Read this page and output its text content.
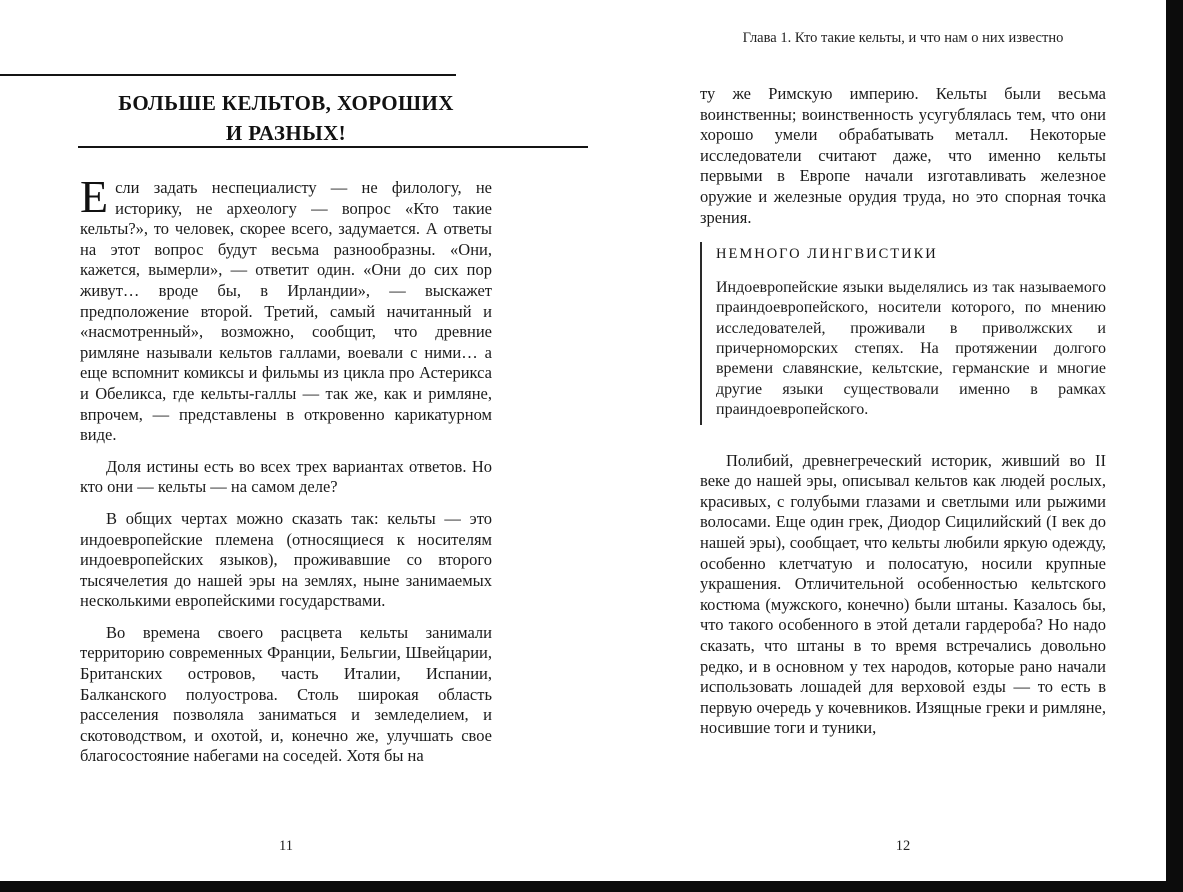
БОЛЬШЕ КЕЛЬТОВ, ХОРОШИХ
И РАЗНЫХ!

Если задать неспециалисту — не филологу, не историку, не археологу — вопрос «Кто такие кельты?», то человек, скорее всего, задумается. А ответы на этот вопрос будут весьма разнообразны. «Они, кажется, вымерли», — ответит один. «Они до сих пор живут… вроде бы, в Ирландии», — выскажет предположение второй. Третий, самый начитанный и «насмотренный», возможно, сообщит, что древние римляне называли кельтов галлами, воевали с ними… а еще вспомнит комиксы и фильмы из цикла про Астерикса и Обеликса, где кельты-галлы — так же, как и римляне, впрочем, — представлены в откровенно карикатурном виде.

Доля истины есть во всех трех вариантах ответов. Но кто они — кельты — на самом деле?

В общих чертах можно сказать так: кельты — это индоевропейские племена (относящиеся к носителям индоевропейских языков), проживавшие со второго тысячелетия до нашей эры на землях, ныне занимаемых несколькими европейскими государствами.

Во времена своего расцвета кельты занимали территорию современных Франции, Бельгии, Швейцарии, Британских островов, часть Италии, Испании, Балканского полуострова. Столь широкая область расселения позволяла заниматься и земледелием, и скотоводством, и охотой, и, конечно же, улучшать свое благосостояние набегами на соседей. Хотя бы на

11
Глава 1. Кто такие кельты, и что нам о них известно

ту же Римскую империю. Кельты были весьма воинственны; воинственность усугублялась тем, что они хорошо умели обрабатывать металл. Некоторые исследователи считают даже, что именно кельты первыми в Европе начали изготавливать железное оружие и железные орудия труда, но это спорная точка зрения.

НЕМНОГО ЛИНГВИСТИКИ
Индоевропейские языки выделялись из так называемого праиндоевропейского, носители которого, по мнению исследователей, проживали в приволжских и причерноморских степях. На протяжении долгого времени славянские, кельтские, германские и многие другие языки существовали именно в рамках праиндоевропейского.

Полибий, древнегреческий историк, живший во II веке до нашей эры, описывал кельтов как людей рослых, красивых, с голубыми глазами и светлыми или рыжими волосами. Еще один грек, Диодор Сицилийский (I век до нашей эры), сообщает, что кельты любили яркую одежду, особенно клетчатую и полосатую, носили крупные украшения. Отличительной особенностью кельтского костюма (мужского, конечно) были штаны. Казалось бы, что такого особенного в этой детали гардероба? Но надо сказать, что штаны в то время встречались довольно редко, и в основном у тех народов, которые рано начали использовать лошадей для верховой езды — то есть в первую очередь у кочевников. Изящные греки и римляне, носившие тоги и туники,

12
